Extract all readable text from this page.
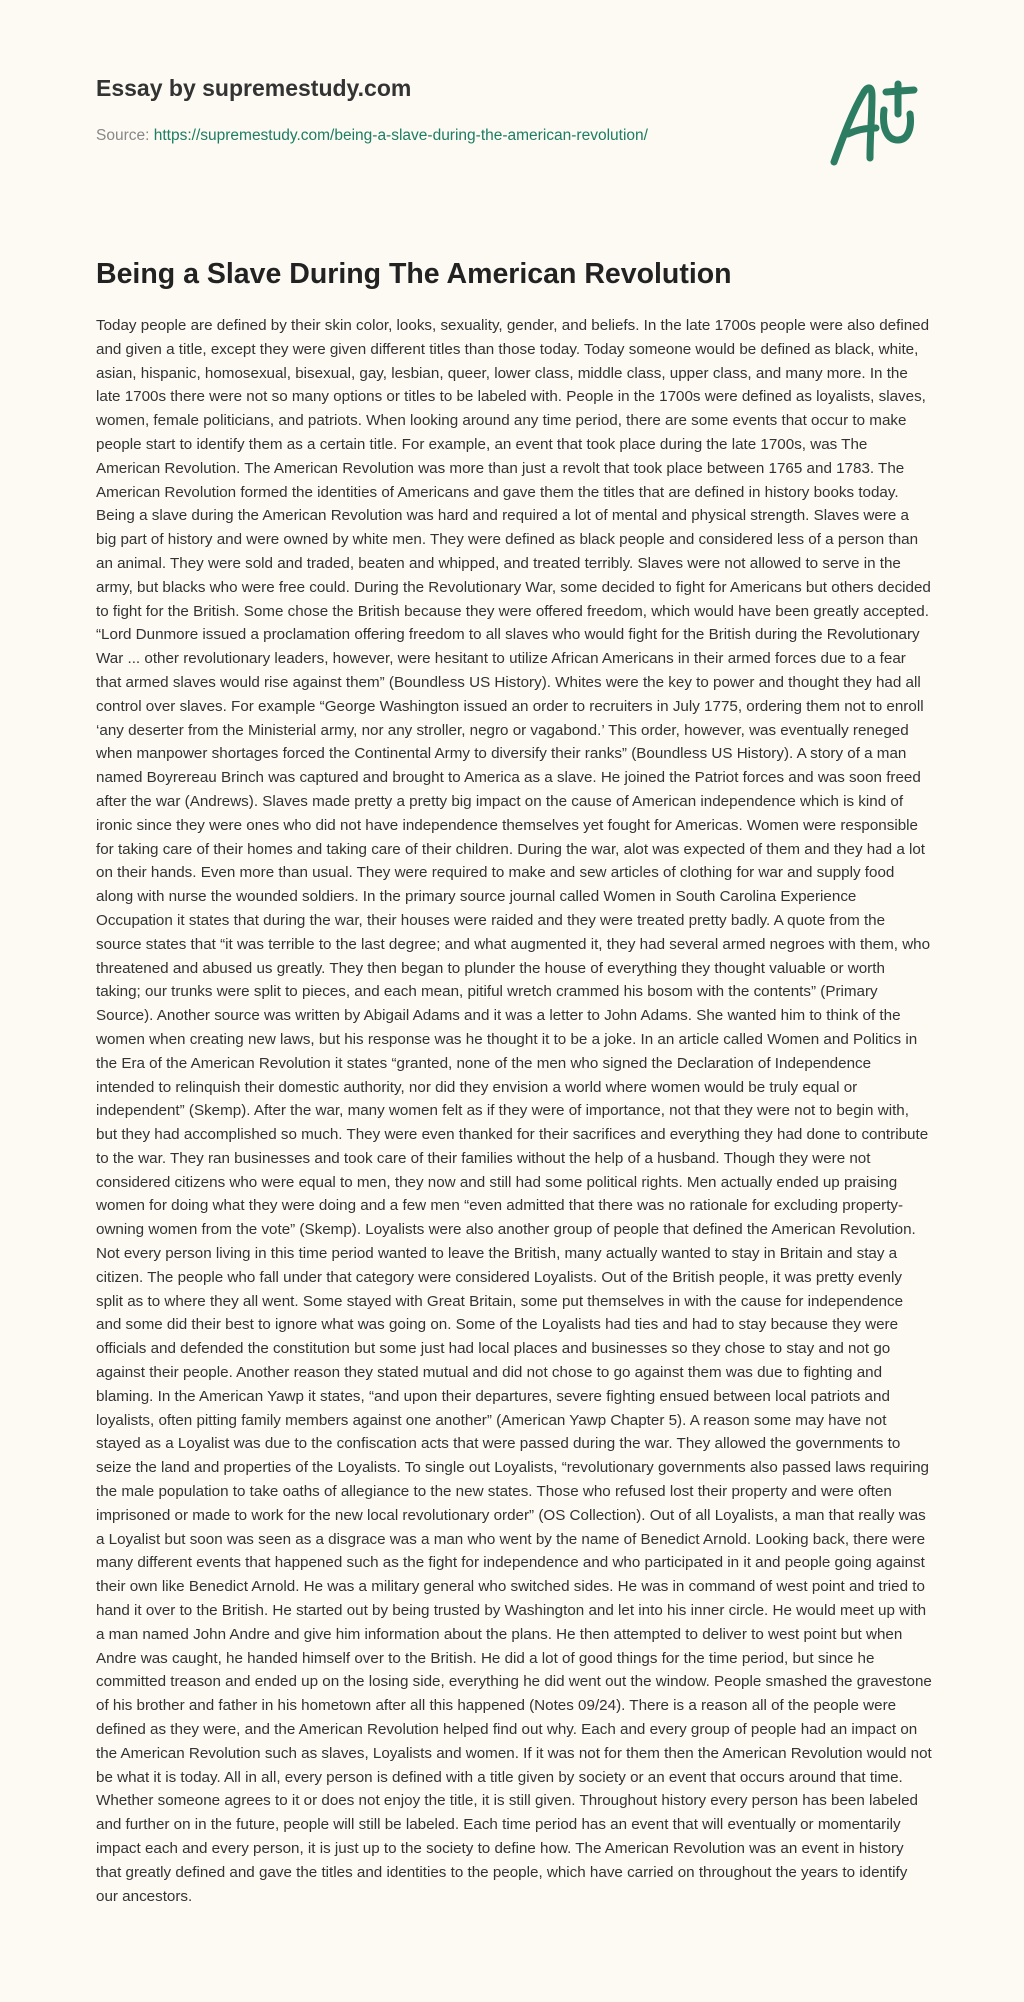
Essay by supremestudy.com
Source: https://supremestudy.com/being-a-slave-during-the-american-revolution/
Being a Slave During The American Revolution

Today people are defined by their skin color, looks, sexuality, gender, and beliefs. In the late 1700s people were also defined and given a title, except they were given different titles than those today. Today someone would be defined as black, white, asian, hispanic, homosexual, bisexual, gay, lesbian, queer, lower class, middle class, upper class, and many more. In the late 1700s there were not so many options or titles to be labeled with. People in the 1700s were defined as loyalists, slaves, women, female politicians, and patriots. When looking around any time period, there are some events that occur to make people start to identify them as a certain title. For example, an event that took place during the late 1700s, was The American Revolution. The American Revolution was more than just a revolt that took place between 1765 and 1783. The American Revolution formed the identities of Americans and gave them the titles that are defined in history books today. Being a slave during the American Revolution was hard and required a lot of mental and physical strength. Slaves were a big part of history and were owned by white men. They were defined as black people and considered less of a person than an animal. They were sold and traded, beaten and whipped, and treated terribly. Slaves were not allowed to serve in the army, but blacks who were free could. During the Revolutionary War, some decided to fight for Americans but others decided to fight for the British. Some chose the British because they were offered freedom, which would have been greatly accepted. “Lord Dunmore issued a proclamation offering freedom to all slaves who would fight for the British during the Revolutionary War ... other revolutionary leaders, however, were hesitant to utilize African Americans in their armed forces due to a fear that armed slaves would rise against them” (Boundless US History). Whites were the key to power and thought they had all control over slaves. For example “George Washington issued an order to recruiters in July 1775, ordering them not to enroll ‘any deserter from the Ministerial army, nor any stroller, negro or vagabond.’ This order, however, was eventually reneged when manpower shortages forced the Continental Army to diversify their ranks” (Boundless US History). A story of a man named Boyrereau Brinch was captured and brought to America as a slave. He joined the Patriot forces and was soon freed after the war (Andrews). Slaves made pretty a pretty big impact on the cause of American independence which is kind of ironic since they were ones who did not have independence themselves yet fought for Americas. Women were responsible for taking care of their homes and taking care of their children. During the war, alot was expected of them and they had a lot on their hands. Even more than usual. They were required to make and sew articles of clothing for war and supply food along with nurse the wounded soldiers. In the primary source journal called Women in South Carolina Experience Occupation it states that during the war, their houses were raided and they were treated pretty badly. A quote from the source states that “it was terrible to the last degree; and what augmented it, they had several armed negroes with them, who threatened and abused us greatly. They then began to plunder the house of everything they thought valuable or worth taking; our trunks were split to pieces, and each mean, pitiful wretch crammed his bosom with the contents” (Primary Source). Another source was written by Abigail Adams and it was a letter to John Adams. She wanted him to think of the women when creating new laws, but his response was he thought it to be a joke. In an article called Women and Politics in the Era of the American Revolution it states “granted, none of the men who signed the Declaration of Independence intended to relinquish their domestic authority, nor did they envision a world where women would be truly equal or independent” (Skemp). After the war, many women felt as if they were of importance, not that they were not to begin with, but they had accomplished so much. They were even thanked for their sacrifices and everything they had done to contribute to the war. They ran businesses and took care of their families without the help of a husband. Though they were not considered citizens who were equal to men, they now and still had some political rights. Men actually ended up praising women for doing what they were doing and a few men “even admitted that there was no rationale for excluding property-owning women from the vote” (Skemp). Loyalists were also another group of people that defined the American Revolution. Not every person living in this time period wanted to leave the British, many actually wanted to stay in Britain and stay a citizen. The people who fall under that category were considered Loyalists. Out of the British people, it was pretty evenly split as to where they all went. Some stayed with Great Britain, some put themselves in with the cause for independence and some did their best to ignore what was going on. Some of the Loyalists had ties and had to stay because they were officials and defended the constitution but some just had local places and businesses so they chose to stay and not go against their people. Another reason they stated mutual and did not chose to go against them was due to fighting and blaming. In the American Yawp it states, “and upon their departures, severe fighting ensued between local patriots and loyalists, often pitting family members against one another” (American Yawp Chapter 5). A reason some may have not stayed as a Loyalist was due to the confiscation acts that were passed during the war. They allowed the governments to seize the land and properties of the Loyalists. To single out Loyalists, “revolutionary governments also passed laws requiring the male population to take oaths of allegiance to the new states. Those who refused lost their property and were often imprisoned or made to work for the new local revolutionary order” (OS Collection). Out of all Loyalists, a man that really was a Loyalist but soon was seen as a disgrace was a man who went by the name of Benedict Arnold. Looking back, there were many different events that happened such as the fight for independence and who participated in it and people going against their own like Benedict Arnold. He was a military general who switched sides. He was in command of west point and tried to hand it over to the British. He started out by being trusted by Washington and let into his inner circle. He would meet up with a man named John Andre and give him information about the plans. He then attempted to deliver to west point but when Andre was caught, he handed himself over to the British. He did a lot of good things for the time period, but since he committed treason and ended up on the losing side, everything he did went out the window. People smashed the gravestone of his brother and father in his hometown after all this happened (Notes 09/24). There is a reason all of the people were defined as they were, and the American Revolution helped find out why. Each and every group of people had an impact on the American Revolution such as slaves, Loyalists and women. If it was not for them then the American Revolution would not be what it is today. All in all, every person is defined with a title given by society or an event that occurs around that time. Whether someone agrees to it or does not enjoy the title, it is still given. Throughout history every person has been labeled and further on in the future, people will still be labeled. Each time period has an event that will eventually or momentarily impact each and every person, it is just up to the society to define how. The American Revolution was an event in history that greatly defined and gave the titles and identities to the people, which have carried on throughout the years to identify our ancestors.
